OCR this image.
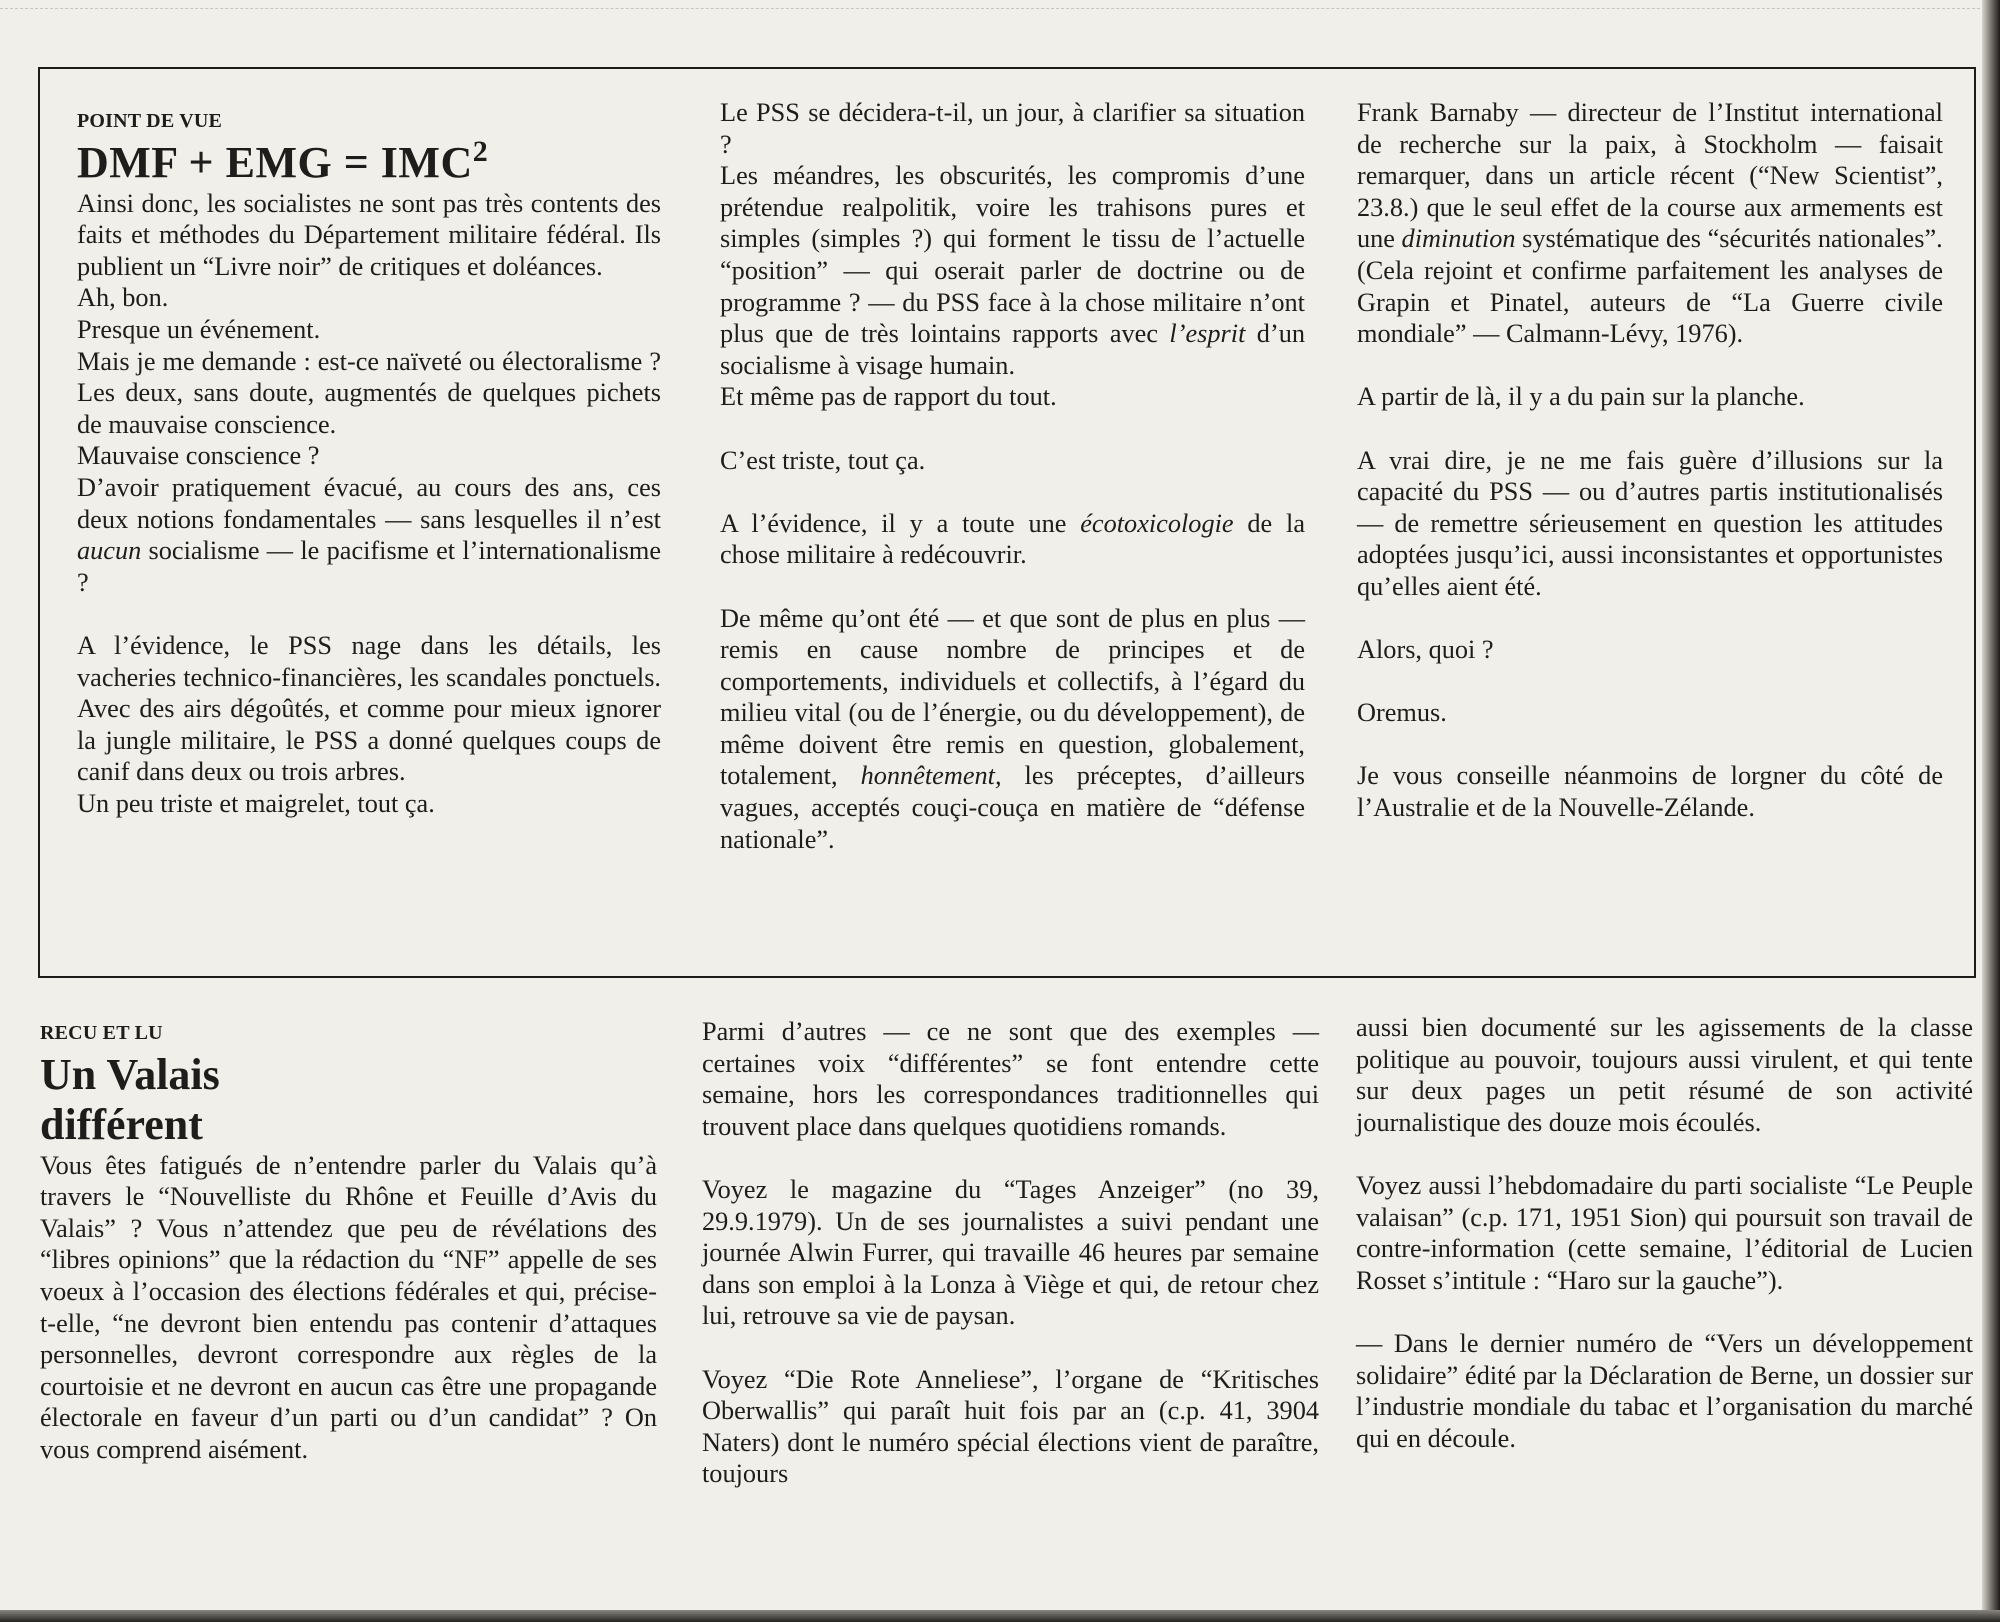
POINT DE VUE

DMF + EMG = $IMC^2$

Ainsi donc, les socialistes ne sont pas très contents des faits et méthodes du Département militaire fédéral. Ils publient un “Livre noir” de critiques et doléances.

Ah, bon.

Presque un événement.

Mais je me demande : est-ce naïveté ou électoralisme ? Les deux, sans doute, augmentés de quelques pichets de mauvaise conscience.

Mauvaise conscience ?

D’avoir pratiquement évacué, au cours des ans, ces deux notions fondamentales — sans lesquelles il n’est aucun socialisme — le pacifisme et l’internationalisme ?

A l’évidence, le PSS nage dans les détails, les vacheries technico-financières, les scandales ponctuels. Avec des airs dégoûtés, et comme pour mieux ignorer la jungle militaire, le PSS a donné quelques coups de canif dans deux ou trois arbres.

Un peu triste et maigrelet, tout ça.

Le PSS se décidera-t-il, un jour, à clarifier sa situation ?

Les méandres, les obscurités, les compromis d’une prétendue realpolitik, voire les trahisons pures et simples (simples ?) qui forment le tissu de l’actuelle “position” — qui oserait parler de doctrine ou de programme ? — du PSS face à la chose militaire n’ont plus que de très lointains rapports avec l’esprit d’un socialisme à visage humain.

Et même pas de rapport du tout.

C’est triste, tout ça.

A l’évidence, il y a toute une écotoxicologie de la chose militaire à redécouvrir.

De même qu’ont été — et que sont de plus en plus — remis en cause nombre de principes et de comportements, individuels et collectifs, à l’égard du milieu vital (ou de l’énergie, ou du développement), de même doivent être remis en question, globalement, totalement, honnêtement, les préceptes, d’ailleurs vagues, acceptés couçi-couça en matière de “défense nationale”.

Frank Barnaby — directeur de l’Institut international de recherche sur la paix, à Stockholm — faisait remarquer, dans un article récent (“New Scientist”, 23.8.) que le seul effet de la course aux armements est une diminution systématique des “sécurités nationales”.

(Cela rejoint et confirme parfaitement les analyses de Grapin et Pinatel, auteurs de “La Guerre civile mondiale” — Calmann-Lévy, 1976).

A partir de là, il y a du pain sur la planche.

A vrai dire, je ne me fais guère d’illusions sur la capacité du PSS — ou d’autres partis institutionalisés — de remettre sérieusement en question les attitudes adoptées jusqu’ici, aussi inconsistantes et opportunistes qu’elles aient été.

Alors, quoi ?

Oremus.

Je vous conseille néanmoins de lorgner du côté de l’Australie et de la Nouvelle-Zélande.

RECU ET LU

Un Valais
différent

Vous êtes fatigués de n’entendre parler du Valais qu’à travers le “Nouvelliste du Rhône et Feuille d’Avis du Valais” ? Vous n’attendez que peu de révélations des “libres opinions” que la rédaction du “NF” appelle de ses voeux à l’occasion des élections fédérales et qui, précise-t-elle, “ne devront bien entendu pas contenir d’attaques personnelles, devront correspondre aux règles de la courtoisie et ne devront en aucun cas être une propagande électorale en faveur d’un parti ou d’un candidat” ? On vous comprend aisément.

Parmi d’autres — ce ne sont que des exemples — certaines voix “différentes” se font entendre cette semaine, hors les correspondances traditionnelles qui trouvent place dans quelques quotidiens romands.

Voyez le magazine du “Tages Anzeiger” (no 39, 29.9.1979). Un de ses journalistes a suivi pendant une journée Alwin Furrer, qui travaille 46 heures par semaine dans son emploi à la Lonza à Viège et qui, de retour chez lui, retrouve sa vie de paysan.

Voyez “Die Rote Anneliese”, l’organe de “Kritisches Oberwallis” qui paraît huit fois par an (c.p. 41, 3904 Naters) dont le numéro spécial élections vient de paraître, toujours

aussi bien documenté sur les agissements de la classe politique au pouvoir, toujours aussi virulent, et qui tente sur deux pages un petit résumé de son activité journalistique des douze mois écoulés.

Voyez aussi l’hebdomadaire du parti socialiste “Le Peuple valaisan” (c.p. 171, 1951 Sion) qui poursuit son travail de contre-information (cette semaine, l’éditorial de Lucien Rosset s’intitule : “Haro sur la gauche”).

— Dans le dernier numéro de “Vers un développement solidaire” édité par la Déclaration de Berne, un dossier sur l’industrie mondiale du tabac et l’organisation du marché qui en découle.
